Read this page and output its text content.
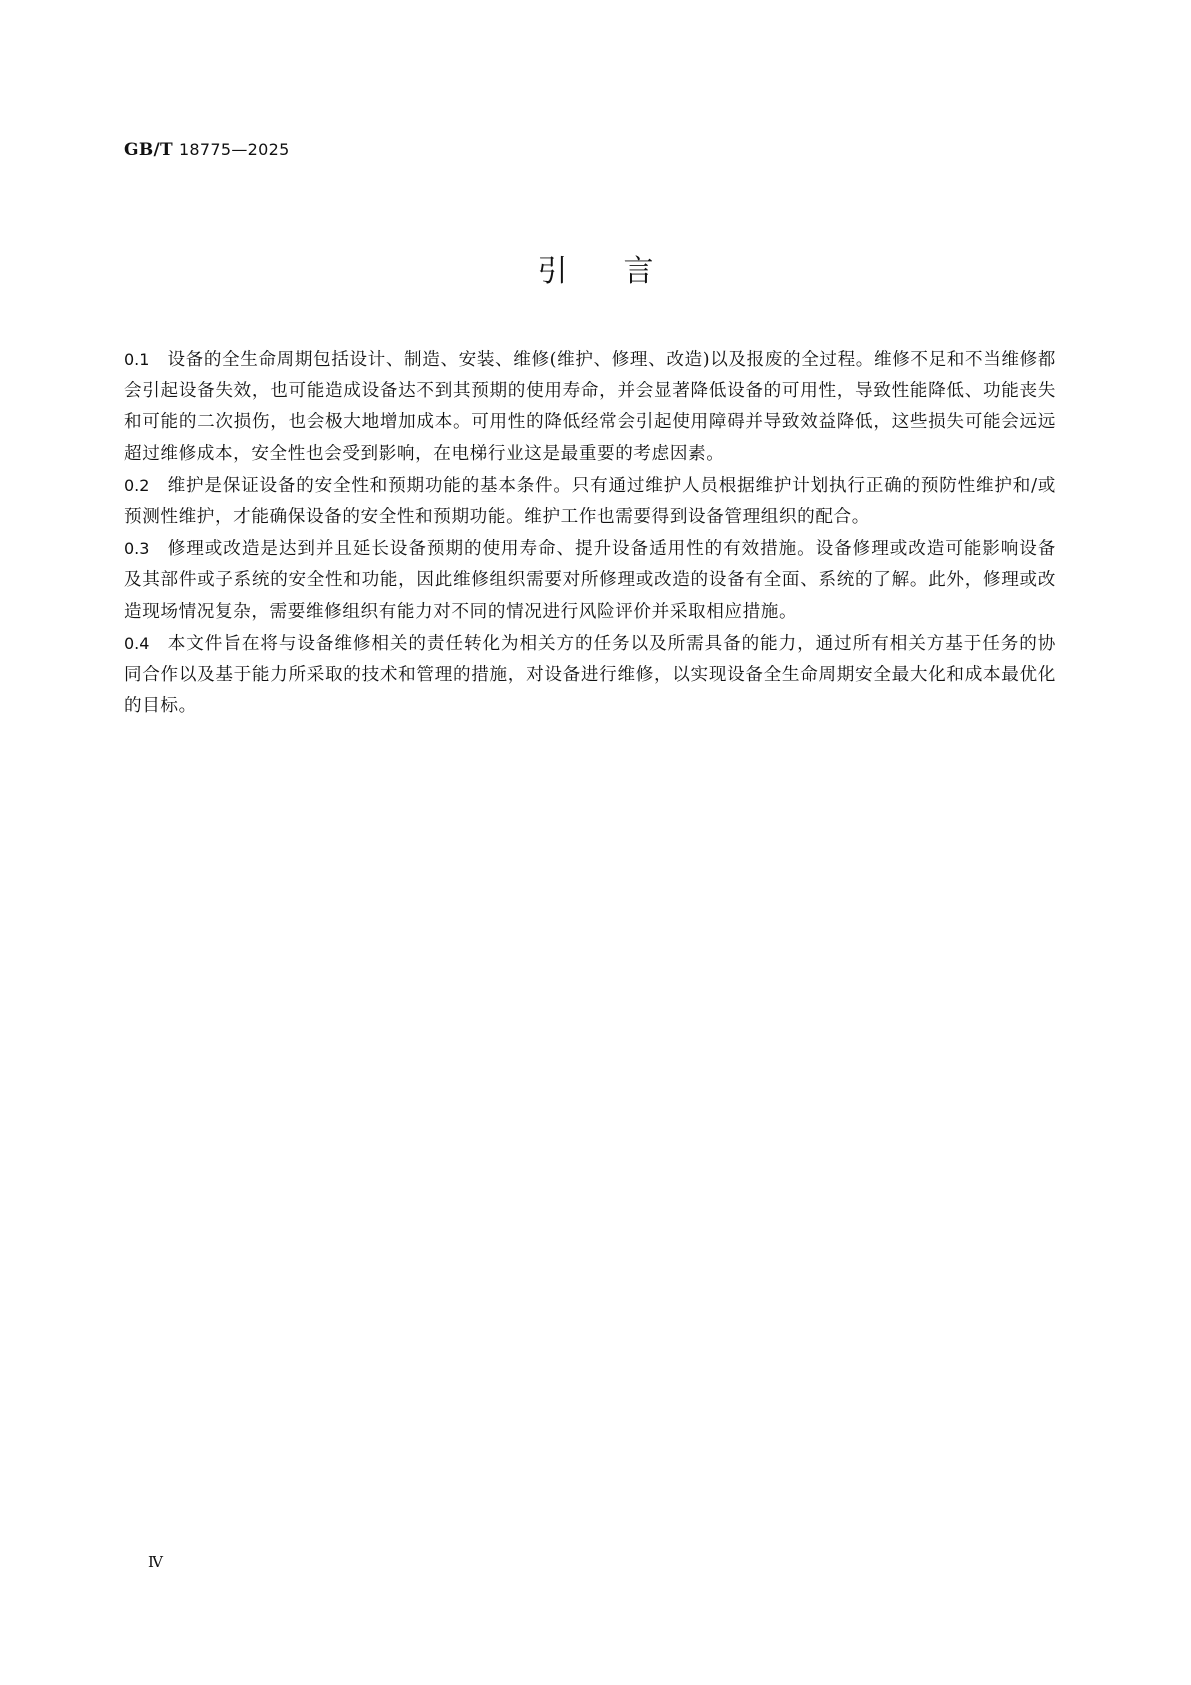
GB/T 18775—2025
引言

0.1 设备的全生命周期包括设计、制造、安装、维修(维护、修理、改造)以及报废的全过程。维修不足和不当维修都会引起设备失效，也可能造成设备达不到其预期的使用寿命，并会显著降低设备的可用性，导致性能降低、功能丧失和可能的二次损伤，也会极大地增加成本。可用性的降低经常会引起使用障碍并导致效益降低，这些损失可能会远远超过维修成本，安全性也会受到影响，在电梯行业这是最重要的考虑因素。

0.2 维护是保证设备的安全性和预期功能的基本条件。只有通过维护人员根据维护计划执行正确的预防性维护和/或预测性维护，才能确保设备的安全性和预期功能。维护工作也需要得到设备管理组织的配合。

0.3 修理或改造是达到并且延长设备预期的使用寿命、提升设备适用性的有效措施。设备修理或改造可能影响设备及其部件或子系统的安全性和功能，因此维修组织需要对所修理或改造的设备有全面、系统的了解。此外，修理或改造现场情况复杂，需要维修组织有能力对不同的情况进行风险评价并采取相应措施。

0.4 本文件旨在将与设备维修相关的责任转化为相关方的任务以及所需具备的能力，通过所有相关方基于任务的协同合作以及基于能力所采取的技术和管理的措施，对设备进行维修，以实现设备全生命周期安全最大化和成本最优化的目标。

Ⅳ
